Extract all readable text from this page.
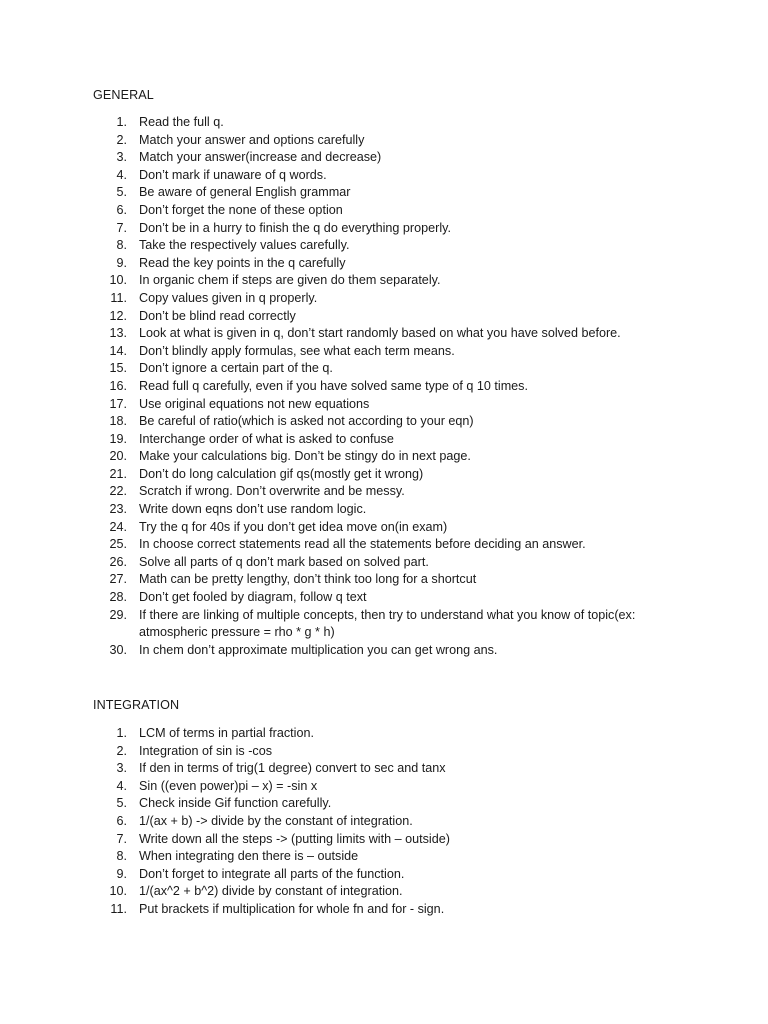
GENERAL
1. Read the full q.
2. Match your answer and options carefully
3. Match your answer(increase and decrease)
4. Don’t mark if unaware of q words.
5. Be aware of general English grammar
6. Don’t forget the none of these option
7. Don’t be in a hurry to finish the q do everything properly.
8. Take the respectively values carefully.
9. Read the key points in the q carefully
10. In organic chem if steps are given do them separately.
11. Copy values given in q properly.
12. Don’t be blind read correctly
13. Look at what is given in q, don’t start randomly based on what you have solved before.
14. Don’t blindly apply formulas, see what each term means.
15. Don’t ignore a certain part of the q.
16. Read full q carefully, even if you have solved same type of q 10 times.
17. Use original equations not new equations
18. Be careful of ratio(which is asked not according to your eqn)
19. Interchange order of what is asked to confuse
20. Make your calculations big. Don’t be stingy do in next page.
21. Don’t do long calculation gif qs(mostly get it wrong)
22. Scratch if wrong. Don’t overwrite and be messy.
23. Write down eqns don’t use random logic.
24. Try the q for 40s if you don’t get idea move on(in exam)
25. In choose correct statements read all the statements before deciding an answer.
26. Solve all parts of q don’t mark based on solved part.
27. Math can be pretty lengthy, don’t think too long for a shortcut
28. Don’t get fooled by diagram, follow q text
29. If there are linking of multiple concepts, then try to understand what you know of topic(ex: atmospheric pressure = rho * g * h)
30. In chem don’t approximate multiplication you can get wrong ans.
INTEGRATION
1. LCM of terms in partial fraction.
2. Integration of sin is -cos
3. If den in terms of trig(1 degree) convert to sec and tanx
4. Sin ((even power)pi – x) = -sin x
5. Check inside Gif function carefully.
6. 1/(ax + b) -> divide by the constant of integration.
7. Write down all the steps -> (putting limits with – outside)
8. When integrating den there is – outside
9. Don’t forget to integrate all parts of the function.
10. 1/(ax^2 + b^2) divide by constant of integration.
11. Put brackets if multiplication for whole fn and for - sign.
